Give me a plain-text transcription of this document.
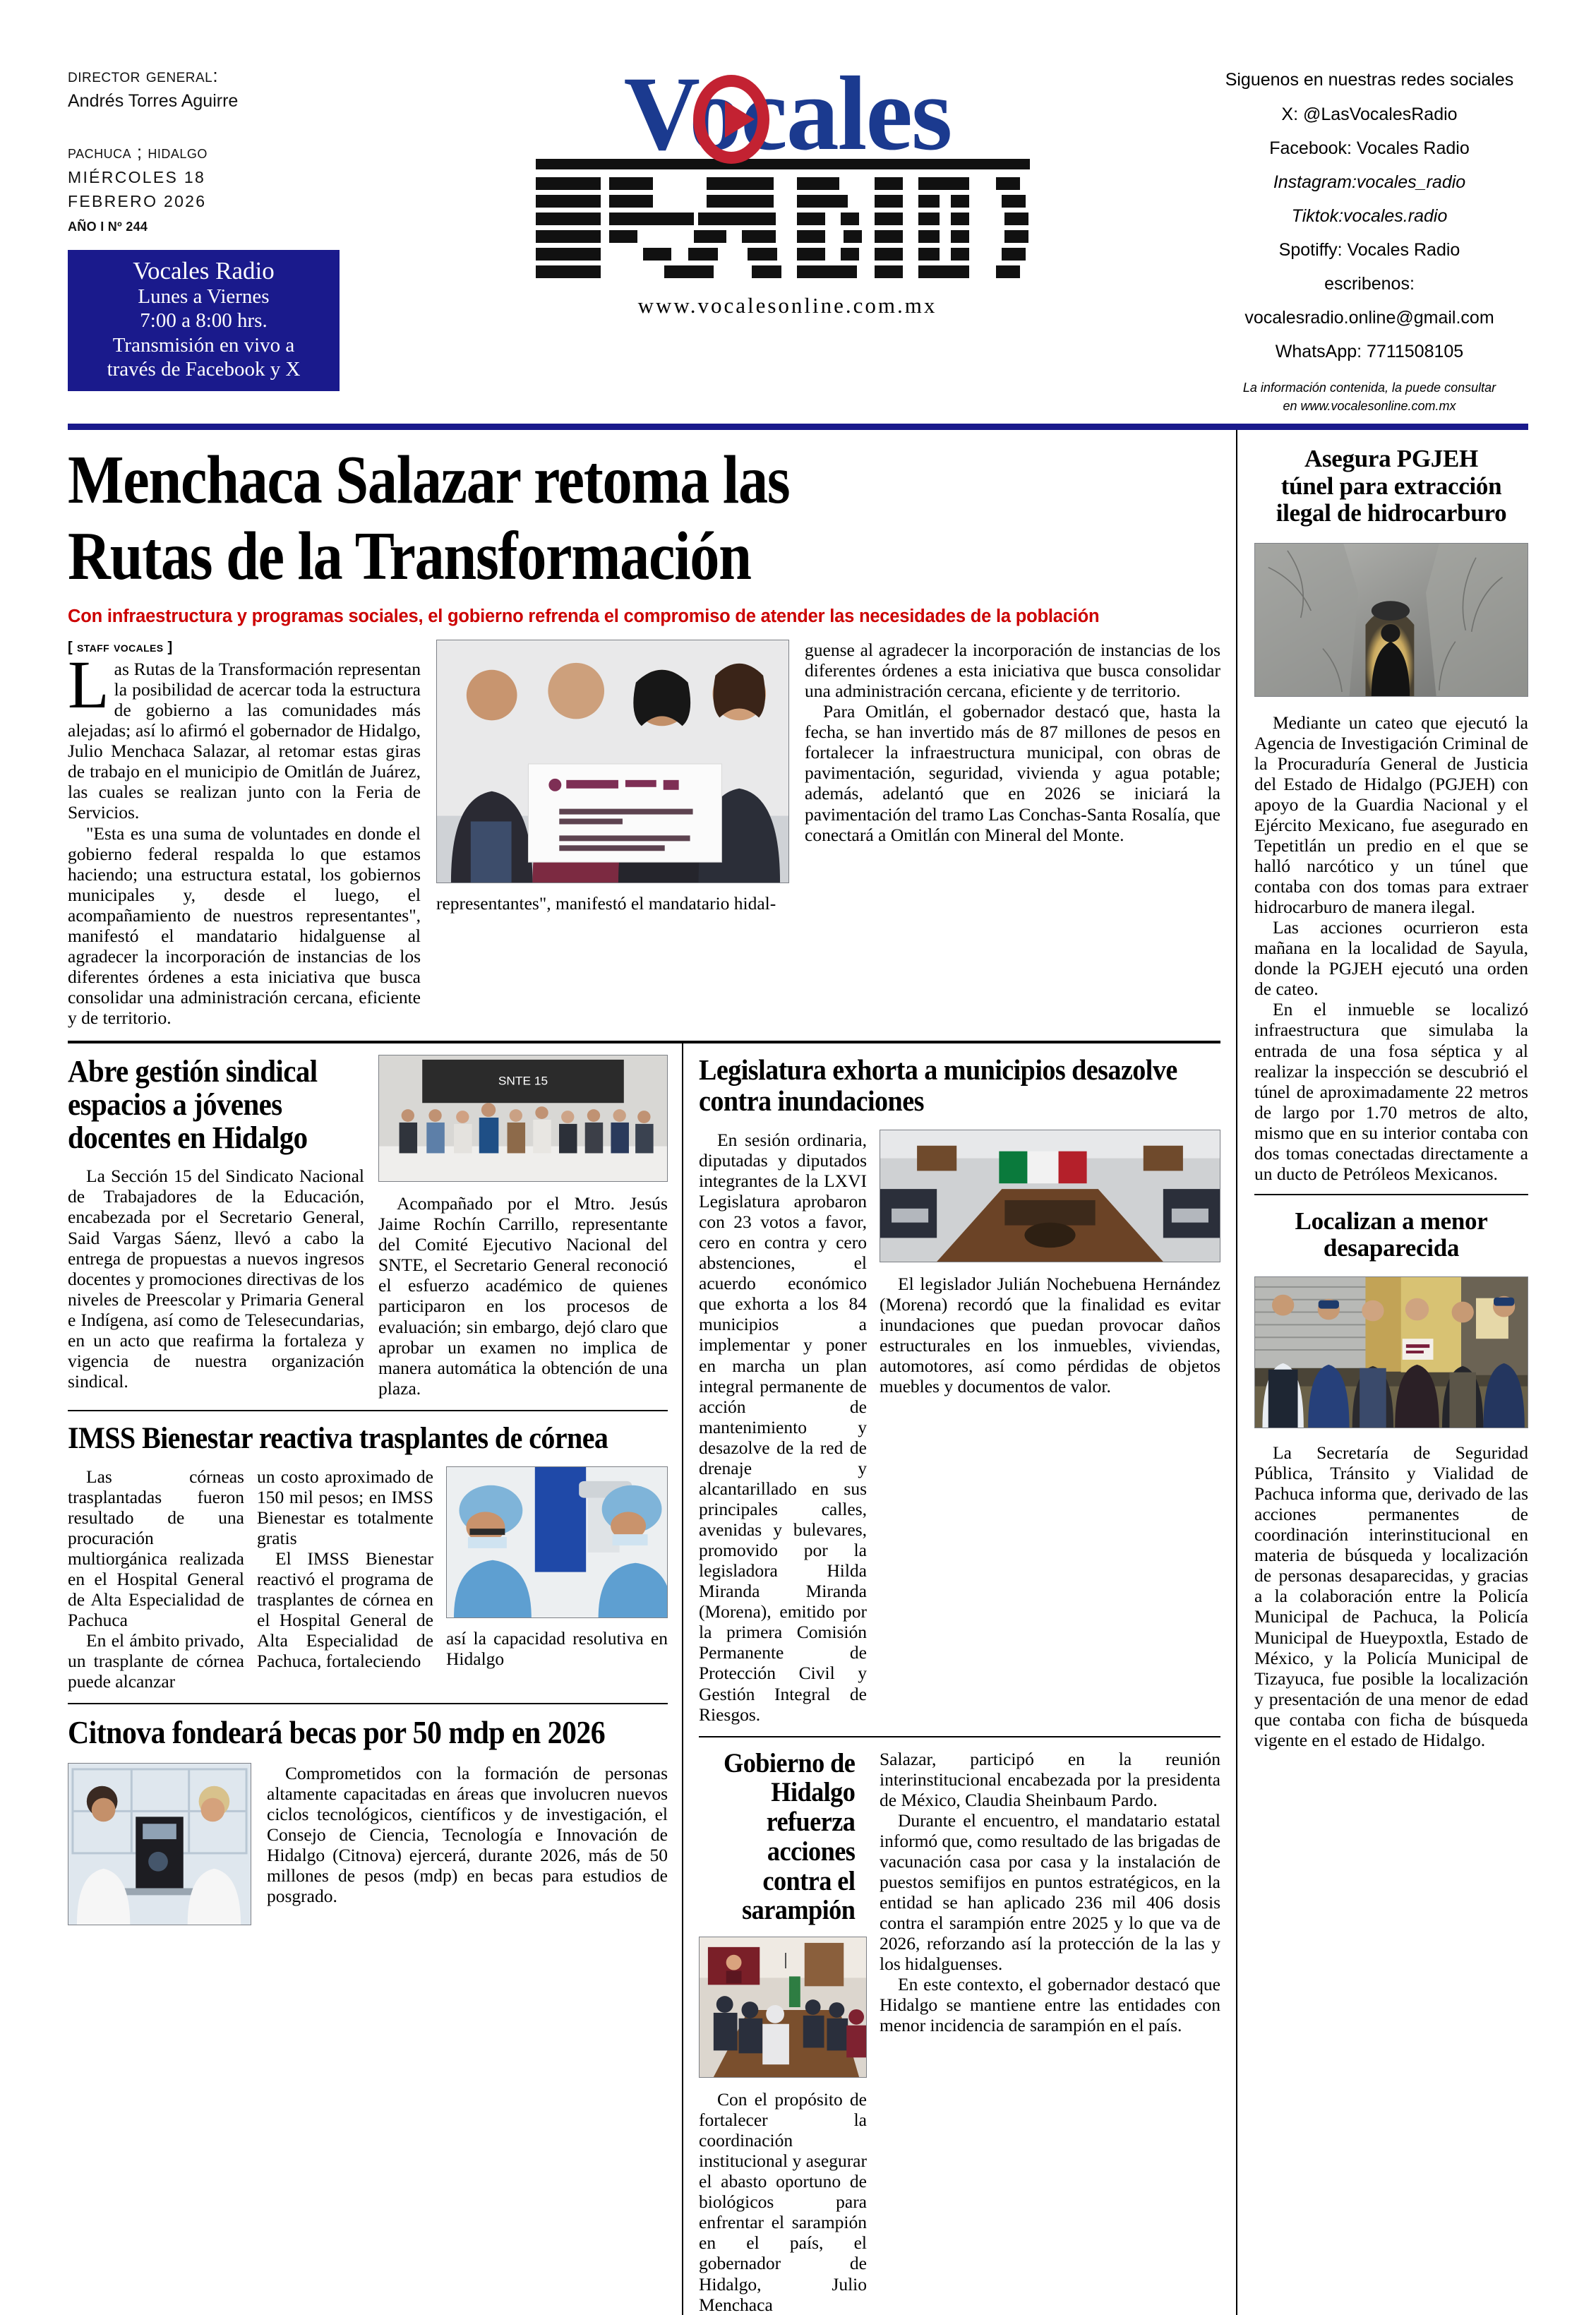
director general:
Andrés Torres Aguirre
pachuca ; hidalgo
MIÉRCOLES 18
FEBRERO 2026
AÑO I Nº 244
Vocales Radio
Lunes a Viernes
7:00 a 8:00 hrs.
Transmisión en vivo a
través de Facebook y X
Vocales
www.vocalesonline.com.mx
Siguenos en nuestras redes sociales
X: @LasVocalesRadio
Facebook: Vocales Radio
Instagram:vocales_radio
Tiktok:vocales.radio
Spotiffy: Vocales Radio
escribenos:
vocalesradio.online@gmail.com
WhatsApp: 7711508105
La información contenida, la puede consultar
en www.vocalesonline.com.mx
Menchaca Salazar retoma las
Rutas de la Transformación
Con infraestructura y programas sociales, el gobierno refrenda el compromiso de atender las necesidades de la población
[ staff vocales ]

Las Rutas de la Transformación representan la posibilidad de acercar toda la estructura de gobierno a las comunidades más alejadas; así lo afirmó el gobernador de Hidalgo, Julio Menchaca Salazar, al retomar estas giras de trabajo en el municipio de Omitlán de Juárez, las cuales se realizan junto con la Feria de Servicios.

"Esta es una suma de voluntades en donde el gobierno federal respalda lo que estamos haciendo; una estructura estatal, los gobiernos municipales y, desde el luego, el acompañamiento de nuestros representantes", manifestó el mandatario hidalguense al agradecer la incorporación de instancias de los diferentes órdenes a esta iniciativa que busca consolidar una administración cercana, eficiente y de territorio.

representantes", manifestó el mandatario hidal-

guense al agradecer la incorporación de instancias de los diferentes órdenes a esta iniciativa que busca consolidar una administración cercana, eficiente y de territorio.

Para Omitlán, el gobernador destacó que, hasta la fecha, se han invertido más de 87 millones de pesos en fortalecer la infraestructura municipal, con obras de pavimentación, seguridad, vivienda y agua potable; además, adelantó que en 2026 se iniciará la pavimentación del tramo Las Conchas-Santa Rosalía, que conectará a Omitlán con Mineral del Monte.

Abre gestión sindical espacios a jóvenes docentes en Hidalgo

La Sección 15 del Sindicato Nacional de Trabajadores de la Educación, encabezada por el Secretario General, Said Vargas Sáenz, llevó a cabo la entrega de propuestas a nuevos ingresos docentes y promociones directivas de los niveles de Preescolar y Primaria General e Indígena, así como de Telesecundarias, en un acto que reafirma la fortaleza y vigencia de nuestra organización sindical.

SNTE 15

Acompañado por el Mtro. Jesús Jaime Rochín Carrillo, representante del Comité Ejecutivo Nacional del SNTE, el Secretario General reconoció el esfuerzo académico de quienes participaron en los procesos de evaluación; sin embargo, dejó claro que aprobar un examen no implica de manera automática la obtención de una plaza.

IMSS Bienestar reactiva trasplantes de córnea

Las córneas trasplantadas fueron resultado de una procuración multiorgánica realizada en el Hospital General de Alta Especialidad de Pachuca

En el ámbito privado, un trasplante de córnea puede alcanzar

un costo aproximado de 150 mil pesos; en IMSS Bienestar es totalmente gratis

El IMSS Bienestar reactivó el programa de trasplantes de córnea en el Hospital General de Alta Especialidad de Pachuca, fortaleciendo

así la capacidad resolutiva en Hidalgo

Citnova fondeará becas por 50 mdp en 2026

Comprometidos con la formación de personas altamente capacitadas en áreas que involucren nuevos ciclos tecnológicos, científicos y de investigación, el Consejo de Ciencia, Tecnología e Innovación de Hidalgo (Citnova) ejercerá, durante 2026, más de 50 millones de pesos (mdp) en becas para estudios de posgrado.

Legislatura exhorta a municipios desazolve contra inundaciones

En sesión ordinaria, diputadas y diputados integrantes de la LXVI Legislatura aprobaron con 23 votos a favor, cero en contra y cero abstenciones, el acuerdo económico que exhorta a los 84 municipios a implementar y poner en marcha un plan integral permanente de acción de mantenimiento y desazolve de la red de drenaje y alcantarillado en sus principales calles, avenidas y bulevares, promovido por la legisladora Hilda Miranda Miranda (Morena), emitido por la primera Comisión Permanente de Protección Civil y Gestión Integral de Riesgos.

El legislador Julián Nochebuena Hernández (Morena) recordó que la finalidad es evitar inundaciones que puedan provocar daños estructurales en los inmuebles, viviendas, automotores, así como pérdidas de objetos muebles y documentos de valor.

Gobierno de Hidalgo refuerza acciones contra el sarampión

Con el propósito de fortalecer la coordinación institucional y asegurar el abasto oportuno de biológicos para enfrentar el sarampión en el país, el gobernador de Hidalgo, Julio Menchaca

Salazar, participó en la reunión interinstitucional encabezada por la presidenta de México, Claudia Sheinbaum Pardo.

Durante el encuentro, el mandatario estatal informó que, como resultado de las brigadas de vacunación casa por casa y la instalación de puestos semifijos en puntos estratégicos, en la entidad se han aplicado 236 mil 406 dosis contra el sarampión entre 2025 y lo que va de 2026, reforzando así la protección de la las y los hidalguenses.

En este contexto, el gobernador destacó que Hidalgo se mantiene entre las entidades con menor incidencia de sarampión en el país.

Asegura PGJEH
túnel para extracción
ilegal de hidrocarburo

Mediante un cateo que ejecutó la Agencia de Investigación Criminal de la Procuraduría General de Justicia del Estado de Hidalgo (PGJEH) con apoyo de la Guardia Nacional y el Ejército Mexicano, fue asegurado en Tepetitlán un predio en el que se halló narcótico y un túnel que contaba con dos tomas para extraer hidrocarburo de manera ilegal.

Las acciones ocurrieron esta mañana en la localidad de Sayula, donde la PGJEH ejecutó una orden de cateo.

En el inmueble se localizó infraestructura que simulaba la entrada de una fosa séptica y al realizar la inspección se descubrió el túnel de aproximadamente 22 metros de largo por 1.70 metros de alto, mismo que en su interior contaba con dos tomas conectadas directamente a un ducto de Petróleos Mexicanos.

Localizan a menor
desaparecida

La Secretaría de Seguridad Pública, Tránsito y Vialidad de Pachuca informa que, derivado de las acciones permanentes de coordinación interinstitucional en materia de búsqueda y localización de personas desaparecidas, y gracias a la colaboración entre la Policía Municipal de Pachuca, la Policía Municipal de Hueypoxtla, Estado de México, y la Policía Municipal de Tizayuca, fue posible la localización y presentación de una menor de edad que contaba con ficha de búsqueda vigente en el estado de Hidalgo.
